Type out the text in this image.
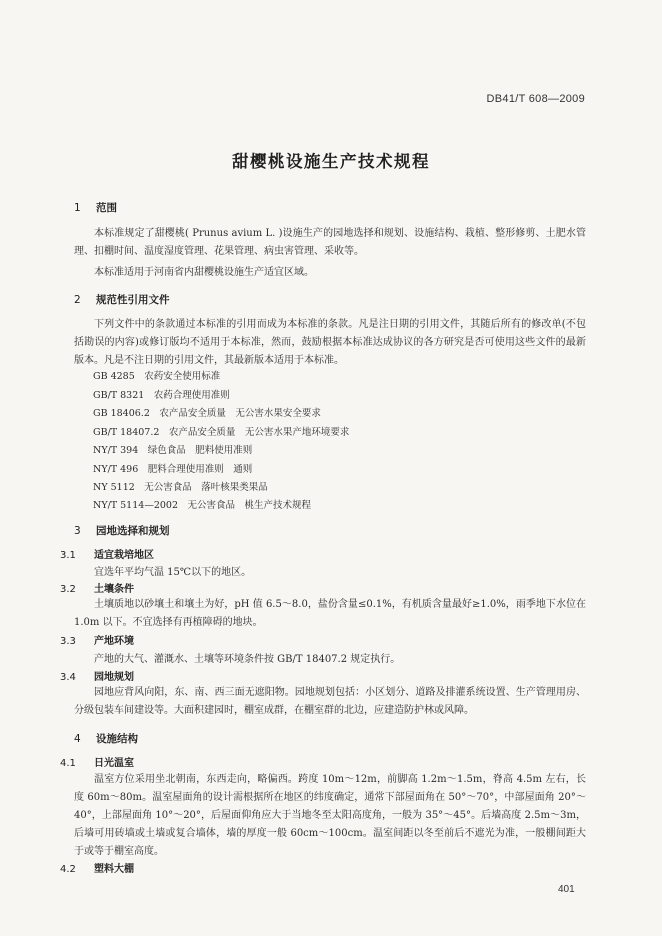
DB41/T 608—2009
甜樱桃设施生产技术规程
1 范围
本标准规定了甜樱桃( Prunus avium L. )设施生产的园地选择和规划、设施结构、栽植、整形修剪、土肥水管理、扣棚时间、温度湿度管理、花果管理、病虫害管理、采收等。
本标准适用于河南省内甜樱桃设施生产适宜区域。
2 规范性引用文件
下列文件中的条款通过本标准的引用而成为本标准的条款。凡是注日期的引用文件，其随后所有的修改单(不包括勘误的内容)或修订版均不适用于本标准，然而，鼓励根据本标准达成协议的各方研究是否可使用这些文件的最新版本。凡是不注日期的引用文件，其最新版本适用于本标准。
GB 4285　农药安全使用标准
GB/T 8321　农药合理使用准则
GB 18406.2　农产品安全质量　无公害水果安全要求
GB/T 18407.2　农产品安全质量　无公害水果产地环境要求
NY/T 394　绿色食品　肥料使用准则
NY/T 496　肥料合理使用准则　通则
NY 5112　无公害食品　落叶核果类果品
NY/T 5114—2002　无公害食品　桃生产技术规程
3 园地选择和规划
3.1 适宜栽培地区
宜选年平均气温 15℃以下的地区。
3.2 土壤条件
土壤质地以砂壤土和壤土为好，pH 值 6.5～8.0，盐份含量≤0.1%，有机质含量最好≥1.0%，雨季地下水位在 1.0m 以下。不宜选择有再植障碍的地块。
3.3 产地环境
产地的大气、灌溉水、土壤等环境条件按 GB/T 18407.2 规定执行。
3.4 园地规划
园地应背风向阳，东、南、西三面无遮阳物。园地规划包括：小区划分、道路及排灌系统设置、生产管理用房、分级包装车间建设等。大面积建园时，棚室成群，在棚室群的北边，应建造防护林或风障。
4 设施结构
4.1 日光温室
温室方位采用坐北朝南，东西走向，略偏西。跨度 10m～12m，前脚高 1.2m～1.5m，脊高 4.5m 左右，长度 60m～80m。温室屋面角的设计需根据所在地区的纬度确定，通常下部屋面角在 50°～70°，中部屋面角 20°～40°，上部屋面角 10°～20°，后屋面仰角应大于当地冬至太阳高度角，一般为 35°～45°。后墙高度 2.5m～3m，后墙可用砖墙或土墙或复合墙体，墙的厚度一般 60cm～100cm。温室间距以冬至前后不遮光为准，一般棚间距大于或等于棚室高度。
4.2 塑料大棚
401
